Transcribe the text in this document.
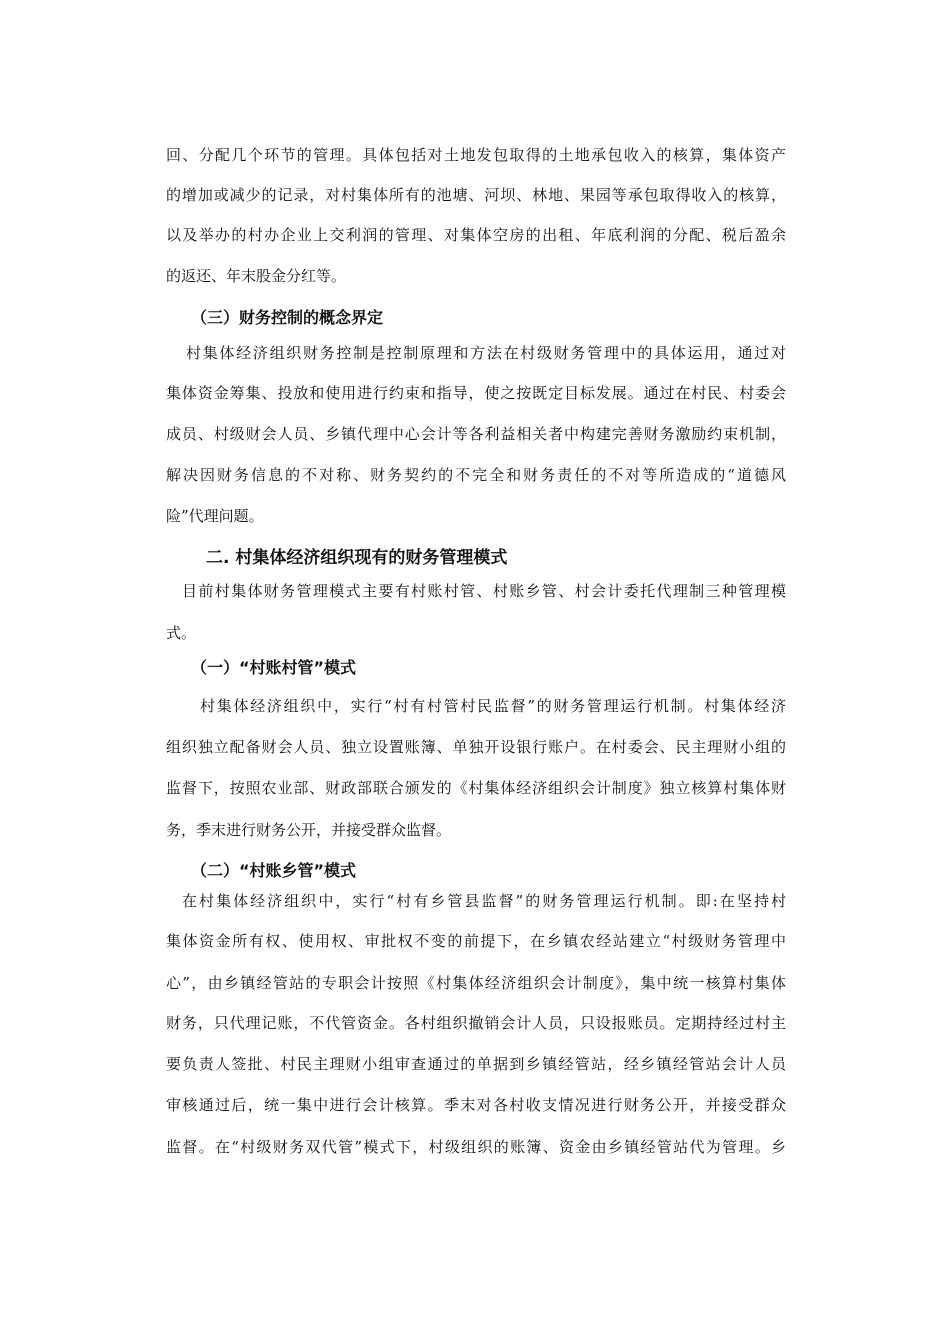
回、分配几个环节的管理。具体包括对土地发包取得的土地承包收入的核算，集体资产
的增加或减少的记录，对村集体所有的池塘、河坝、林地、果园等承包取得收入的核算，
以及举办的村办企业上交利润的管理、对集体空房的出租、年底利润的分配、税后盈余
的返还、年末股金分红等。
（三）财务控制的概念界定
村集体经济组织财务控制是控制原理和方法在村级财务管理中的具体运用，通过对
集体资金筹集、投放和使用进行约束和指导，使之按既定目标发展。通过在村民、村委会
成员、村级财会人员、乡镇代理中心会计等各利益相关者中构建完善财务激励约束机制，
解决因财务信息的不对称、财务契约的不完全和财务责任的不对等所造成的“道德风
险”代理问题。
二. 村集体经济组织现有的财务管理模式
目前村集体财务管理模式主要有村账村管、村账乡管、村会计委托代理制三种管理模
式。
（一）“村账村管”模式
村集体经济组织中，实行“村有村管村民监督”的财务管理运行机制。村集体经济
组织独立配备财会人员、独立设置账簿、单独开设银行账户。在村委会、民主理财小组的
监督下，按照农业部、财政部联合颁发的《村集体经济组织会计制度》独立核算村集体财
务，季末进行财务公开，并接受群众监督。
（二）“村账乡管”模式
在村集体经济组织中，实行“村有乡管县监督”的财务管理运行机制。即:在坚持村
集体资金所有权、使用权、审批权不变的前提下，在乡镇农经站建立“村级财务管理中
心”，由乡镇经管站的专职会计按照《村集体经济组织会计制度》，集中统一核算村集体
财务，只代理记账，不代管资金。各村组织撤销会计人员，只设报账员。定期持经过村主
要负责人签批、村民主理财小组审查通过的单据到乡镇经管站，经乡镇经管站会计人员
审核通过后，统一集中进行会计核算。季末对各村收支情况进行财务公开，并接受群众
监督。在“村级财务双代管”模式下，村级组织的账簿、资金由乡镇经管站代为管理。乡
